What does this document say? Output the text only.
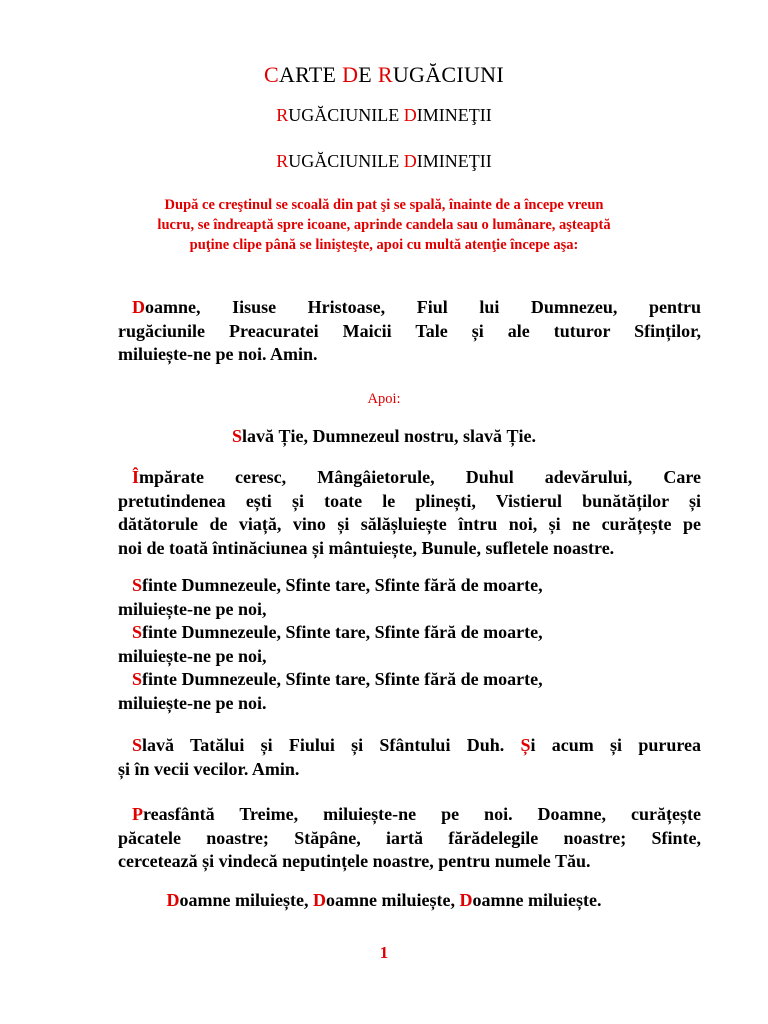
CARTE DE RUGĂCIUNI
RUGĂCIUNILE DIMINEŢII
RUGĂCIUNILE DIMINEŢII
După ce creştinul se scoală din pat şi se spală, înainte de a începe vreun
lucru, se îndreaptă spre icoane, aprinde candela sau o lumânare, aşteaptă
puţine clipe până se linişteşte, apoi cu multă atenţie începe aşa:
Doamne, Iisuse Hristoase, Fiul lui Dumnezeu, pentru
rugăciunile Preacuratei Maicii Tale și ale tuturor Sfinților,
miluiește-ne pe noi. Amin.
Apoi:
Slavă Ție, Dumnezeul nostru, slavă Ție.
Împărate ceresc, Mângâietorule, Duhul adevărului, Care
pretutindenea ești și toate le plinești, Vistierul bunătăților și
dătătorule de viață, vino și sălășluiește întru noi, și ne curățește pe
noi de toată întinăciunea și mântuiește, Bunule, sufletele noastre.
Sfinte Dumnezeule, Sfinte tare, Sfinte fără de moarte,
miluiește-ne pe noi,
Sfinte Dumnezeule, Sfinte tare, Sfinte fără de moarte,
miluiește-ne pe noi,
Sfinte Dumnezeule, Sfinte tare, Sfinte fără de moarte,
miluiește-ne pe noi.
Slavă Tatălui și Fiului și Sfântului Duh. Și acum și pururea
și în vecii vecilor. Amin.
Preasfântă Treime, miluiește-ne pe noi. Doamne, curățește
păcatele noastre; Stăpâne, iartă fărădelegile noastre; Sfinte,
cercetează și vindecă neputințele noastre, pentru numele Tău.
Doamne miluiește, Doamne miluiește, Doamne miluiește.
1
